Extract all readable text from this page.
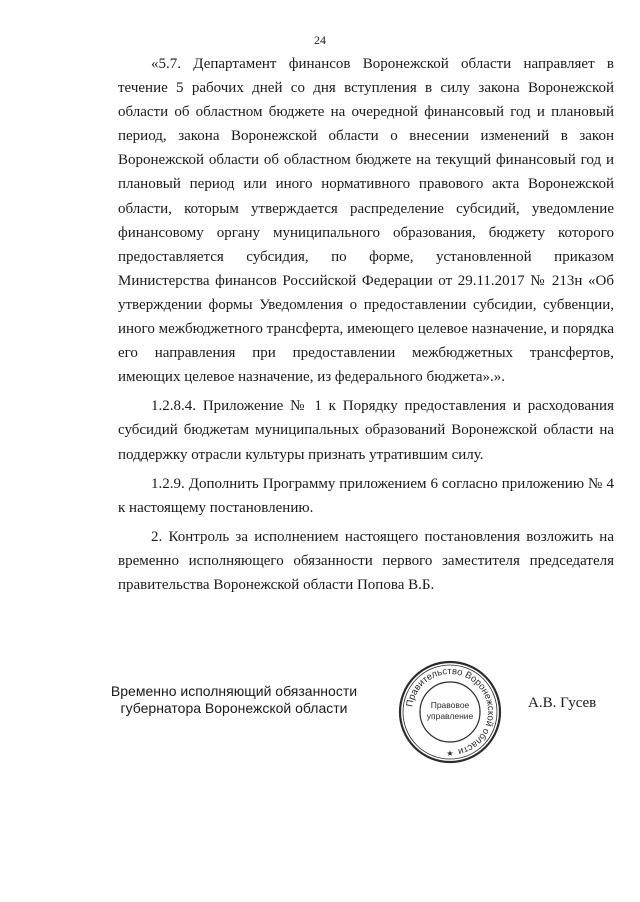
24

«5.7. Департамент финансов Воронежской области направляет в течение 5 рабочих дней со дня вступления в силу закона Воронежской области об областном бюджете на очередной финансовый год и плановый период, закона Воронежской области о внесении изменений в закон Воронежской области об областном бюджете на текущий финансовый год и плановый период или иного нормативного правового акта Воронежской области, которым утверждается распределение субсидий, уведомление финансовому органу муниципального образования, бюджету которого предоставляется субсидия, по форме, установленной приказом Министерства финансов Российской Федерации от 29.11.2017 № 213н «Об утверждении формы Уведомления о предоставлении субсидии, субвенции, иного межбюджетного трансферта, имеющего целевое назначение, и порядка его направления при предоставлении межбюджетных трансфертов, имеющих целевое назначение, из федерального бюджета».».

1.2.8.4. Приложение № 1 к Порядку предоставления и расходования субсидий бюджетам муниципальных образований Воронежской области на поддержку отрасли культуры признать утратившим силу.

1.2.9. Дополнить Программу приложением 6 согласно приложению № 4 к настоящему постановлению.

2. Контроль за исполнением настоящего постановления возложить на временно исполняющего обязанности первого заместителя председателя правительства Воронежской области Попова В.Б.

Временно исполняющий обязанности
губернатора Воронежской области	Правительство Воронежской области
Правовое
управление
★
А.В. Гусев
